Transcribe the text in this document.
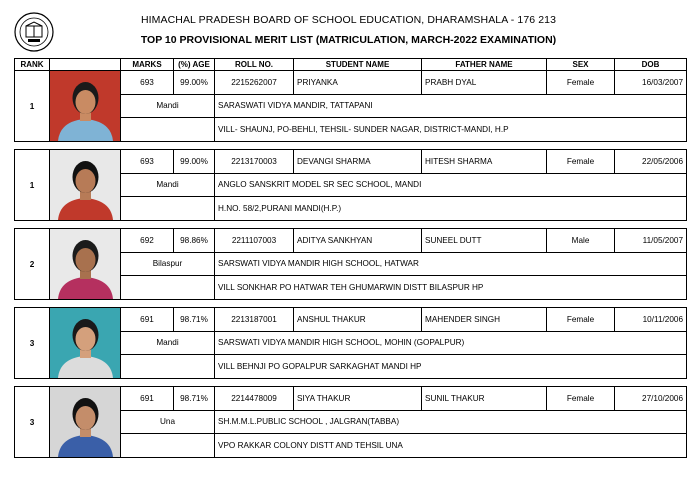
HIMACHAL PRADESH BOARD OF SCHOOL EDUCATION, DHARAMSHALA - 176 213
TOP 10 PROVISIONAL MERIT LIST (MATRICULATION, MARCH-2022 EXAMINATION)
RANK		MARKS	(%) AGE	ROLL NO.	STUDENT NAME	FATHER NAME	SEX	DOB
1		693	99.00%	2215262007	PRIYANKA	PRABH DYAL	Female	16/03/2007
		Mandi		SARASWATI VIDYA MANDIR, TATTAPANI				
				VILL- SHAUNJ, PO-BEHLI, TEHSIL- SUNDER NAGAR, DISTRICT-MANDI, H.P				
1		693	99.00%	2213170003	DEVANGI SHARMA	HITESH SHARMA	Female	22/05/2006
		Mandi		ANGLO SANSKRIT MODEL SR SEC SCHOOL, MANDI				
				H.NO. 58/2,PURANI MANDI(H.P.)				
2		692	98.86%	2211107003	ADITYA SANKHYAN	SUNEEL DUTT	Male	11/05/2007
		Bilaspur		SARSWATI VIDYA MANDIR HIGH SCHOOL, HATWAR				
				VILL SONKHAR PO HATWAR TEH GHUMARWIN DISTT BILASPUR HP				
3		691	98.71%	2213187001	ANSHUL THAKUR	MAHENDER SINGH	Female	10/11/2006
		Mandi		SARSWATI VIDYA MANDIR HIGH SCHOOL, MOHIN (GOPALPUR)				
				VILL BEHNJI PO GOPALPUR SARKAGHAT MANDI HP				
3		691	98.71%	2214478009	SIYA THAKUR	SUNIL THAKUR	Female	27/10/2006
		Una		SH.M.M.L.PUBLIC SCHOOL , JALGRAN(TABBA)				
				VPO RAKKAR COLONY DISTT AND TEHSIL UNA				
